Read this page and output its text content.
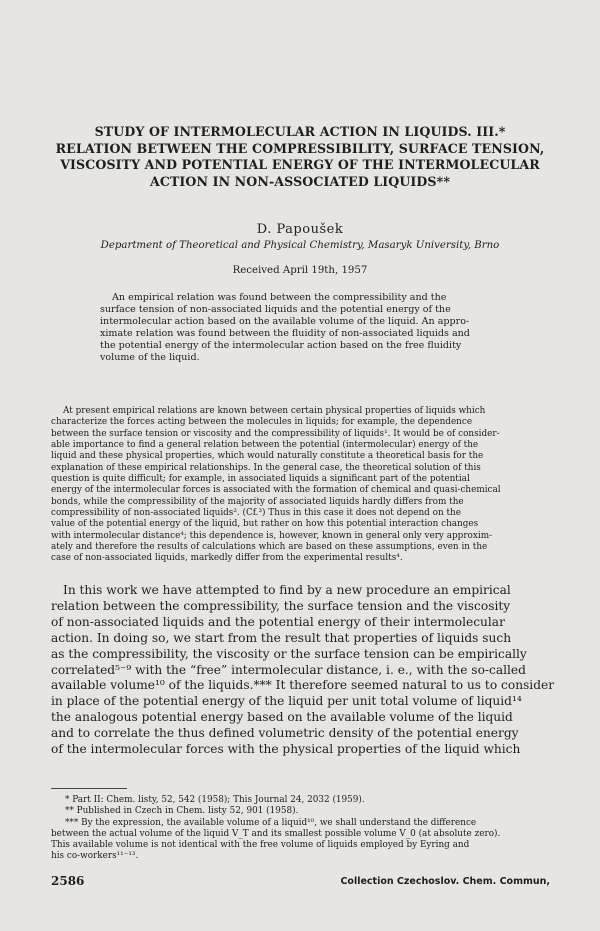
STUDY OF INTERMOLECULAR ACTION IN LIQUIDS. III.*
RELATION BETWEEN THE COMPRESSIBILITY, SURFACE TENSION,
VISCOSITY AND POTENTIAL ENERGY OF THE INTERMOLECULAR
ACTION IN NON-ASSOCIATED LIQUIDS**
D. Papoušek
Department of Theoretical and Physical Chemistry, Masaryk University, Brno
Received April 19th, 1957
An empirical relation was found between the compressibility and the
surface tension of non-associated liquids and the potential energy of the
intermolecular action based on the available volume of the liquid. An appro-
ximate relation was found between the fluidity of non-associated liquids and
the potential energy of the intermolecular action based on the free fluidity
volume of the liquid.
At present empirical relations are known between certain physical properties of liquids which
characterize the forces acting between the molecules in liquids; for example, the dependence
between the surface tension or viscosity and the compressibility of liquids¹. It would be of consider-
able importance to find a general relation between the potential (intermolecular) energy of the
liquid and these physical properties, which would naturally constitute a theoretical basis for the
explanation of these empirical relationships. In the general case, the theoretical solution of this
question is quite difficult; for example, in associated liquids a significant part of the potential
energy of the intermolecular forces is associated with the formation of chemical and quasi-chemical
bonds, while the compressibility of the majority of associated liquids hardly differs from the
compressibility of non-associated liquids². (Cf.³) Thus in this case it does not depend on the
value of the potential energy of the liquid, but rather on how this potential interaction changes
with intermolecular distance⁴; this dependence is, however, known in general only very approxim-
ately and therefore the results of calculations which are based on these assumptions, even in the
case of non-associated liquids, markedly differ from the experimental results⁴.
In this work we have attempted to find by a new procedure an empirical
relation between the compressibility, the surface tension and the viscosity
of non-associated liquids and the potential energy of their intermolecular
action. In doing so, we start from the result that properties of liquids such
as the compressibility, the viscosity or the surface tension can be empirically
correlated⁵⁻⁹ with the “free” intermolecular distance, i. e., with the so-called
available volume¹⁰ of the liquids.*** It therefore seemed natural to us to consider
in place of the potential energy of the liquid per unit total volume of liquid¹⁴
the analogous potential energy based on the available volume of the liquid
and to correlate the thus defined volumetric density of the potential energy
of the intermolecular forces with the physical properties of the liquid which
* Part II: Chem. listy, 52, 542 (1958); This Journal 24, 2032 (1959).
** Published in Czech in Chem. listy 52, 901 (1958).
*** By the expression, the available volume of a liquid¹⁰, we shall understand the difference
between the actual volume of the liquid V_T and its smallest possible volume V_0 (at absolute zero).
This available volume is not identical with the free volume of liquids employed by Eyring and
his co-workers¹¹⁻¹³.
2586	Collection Czechoslov. Chem. Commun,
